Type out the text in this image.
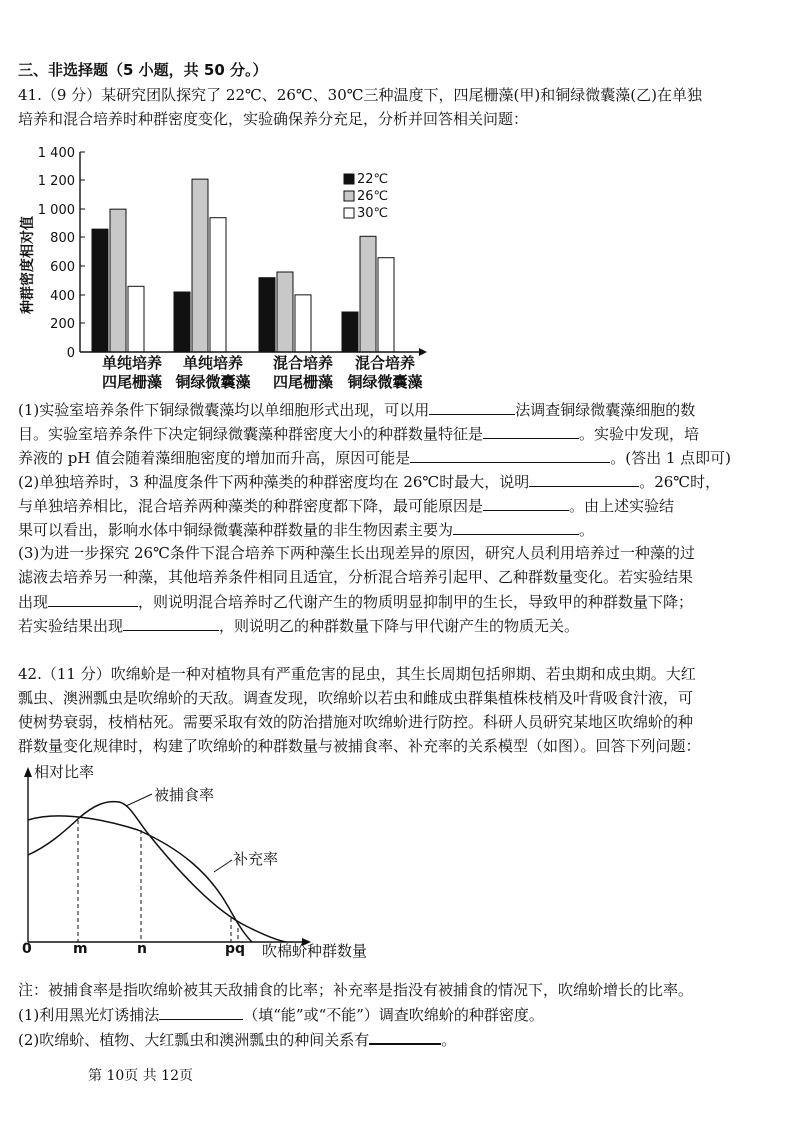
三、非选择题（5 小题，共 50 分。）
41.（9 分）某研究团队探究了 22℃、26℃、30℃三种温度下，四尾栅藻(甲)和铜绿微囊藻(乙)在单独
培养和混合培养时种群密度变化，实验确保养分充足，分析并回答相关问题：
种群密度相对值
0
200
400
600
800
1 000
1 200
1 400
单纯培养
四尾栅藻
单纯培养
铜绿微囊藻
混合培养
四尾栅藻
混合培养
铜绿微囊藻
22℃
26℃
30℃
(1)实验室培养条件下铜绿微囊藻均以单细胞形式出现，可以用	法调查铜绿微囊藻细胞的数
目。实验室培养条件下决定铜绿微囊藻种群密度大小的种群数量特征是	。实验中发现，培
养液的 pH 值会随着藻细胞密度的增加而升高，原因可能是	。(答出 1 点即可)
(2)单独培养时，3 种温度条件下两种藻类的种群密度均在 26℃时最大，说明	。26℃时，
与单独培养相比，混合培养两种藻类的种群密度都下降，最可能原因是	。由上述实验结
果可以看出，影响水体中铜绿微囊藻种群数量的非生物因素主要为	。
(3)为进一步探究 26℃条件下混合培养下两种藻生长出现差异的原因，研究人员利用培养过一种藻的过
滤液去培养另一种藻，其他培养条件相同且适宜，分析混合培养引起甲、乙种群数量变化。若实验结果
出现	，则说明混合培养时乙代谢产生的物质明显抑制甲的生长，导致甲的种群数量下降；
若实验结果出现	，则说明乙的种群数量下降与甲代谢产生的物质无关。
42.（11 分）吹绵蚧是一种对植物具有严重危害的昆虫，其生长周期包括卵期、若虫期和成虫期。大红
瓢虫、澳洲瓢虫是吹绵蚧的天敌。调查发现，吹绵蚧以若虫和雌成虫群集植株枝梢及叶背吸食汁液，可
使树势衰弱，枝梢枯死。需要采取有效的防治措施对吹绵蚧进行防控。科研人员研究某地区吹绵蚧的种
群数量变化规律时，构建了吹绵蚧的种群数量与被捕食率、补充率的关系模型（如图）。回答下列问题：
相对比率
吹棉蚧种群数量
0	m	n	p q
被捕食率
补充率
注：被捕食率是指吹绵蚧被其天敌捕食的比率；补充率是指没有被捕食的情况下，吹绵蚧增长的比率。
(1)利用黑光灯诱捕法	（填“能”或“不能”）调查吹绵蚧的种群密度。
(2)吹绵蚧、植物、大红瓢虫和澳洲瓢虫的种间关系有	。
第 10页 共 12页
